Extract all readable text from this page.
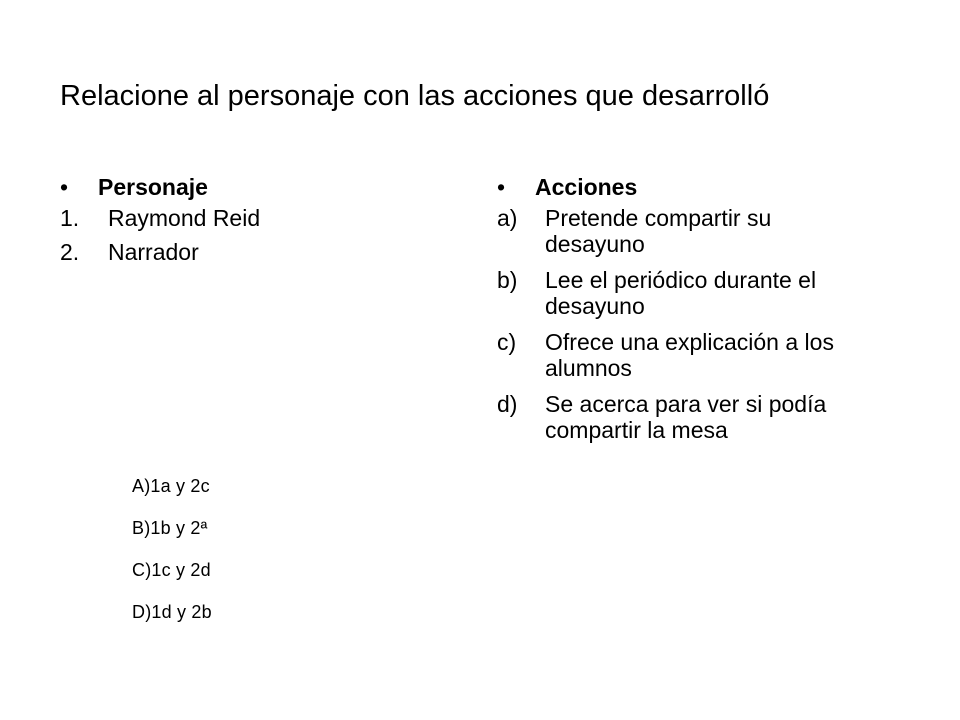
Relacione al personaje con las acciones que desarrolló
•	Personaje
1.	Raymond Reid
2.	Narrador
•	Acciones
a)	Pretende compartir su desayuno
b)	Lee el periódico durante el desayuno
c)	Ofrece una explicación a los alumnos
d)	Se acerca para ver si podía compartir la mesa
A)1a y 2c
B)1b y 2ª
C)1c y 2d
D)1d y 2b
